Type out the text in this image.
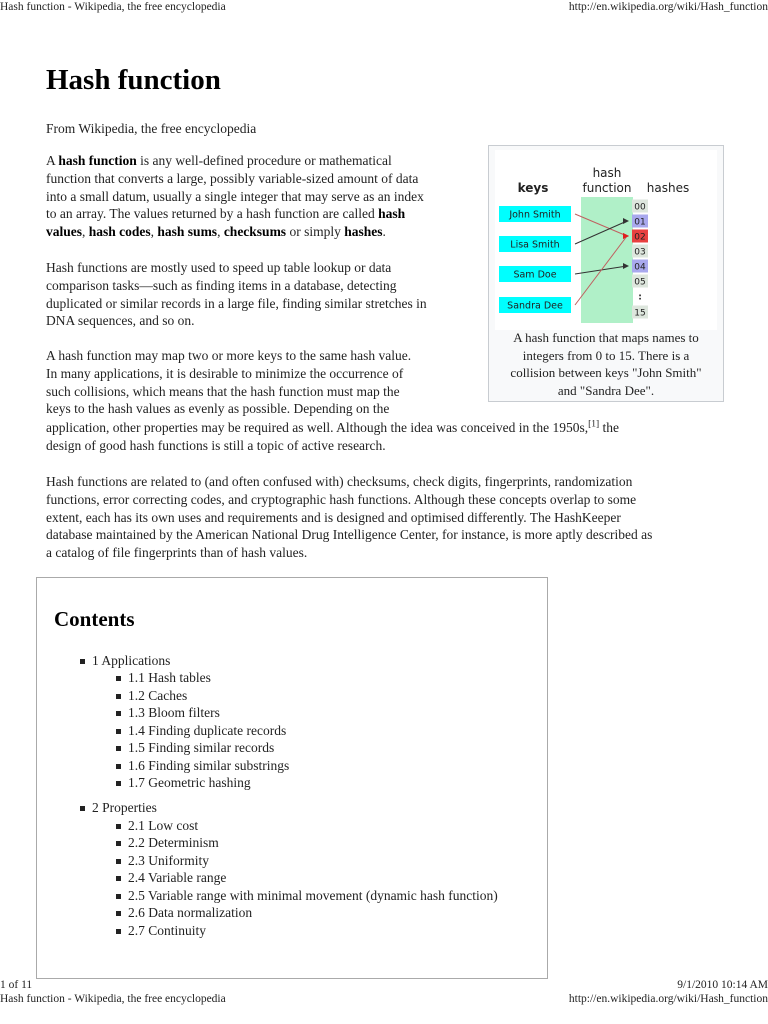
Hash function - Wikipedia, the free encyclopedia	http://en.wikipedia.org/wiki/Hash_function
Hash function
From Wikipedia, the free encyclopedia
A hash function is any well-defined procedure or mathematical
function that converts a large, possibly variable-sized amount of data
into a small datum, usually a single integer that may serve as an index
to an array. The values returned by a hash function are called hash
values, hash codes, hash sums, checksums or simply hashes.
Hash functions are mostly used to speed up table lookup or data
comparison tasks—such as finding items in a database, detecting
duplicated or similar records in a large file, finding similar stretches in
DNA sequences, and so on.
A hash function may map two or more keys to the same hash value.
In many applications, it is desirable to minimize the occurrence of
such collisions, which means that the hash function must map the
keys to the hash values as evenly as possible. Depending on the
application, other properties may be required as well. Although the idea was conceived in the 1950s,[1] the
design of good hash functions is still a topic of active research.
Hash functions are related to (and often confused with) checksums, check digits, fingerprints, randomization
functions, error correcting codes, and cryptographic hash functions. Although these concepts overlap to some
extent, each has its own uses and requirements and is designed and optimised differently. The HashKeeper
database maintained by the American National Drug Intelligence Center, for instance, is more aptly described as
a catalog of file fingerprints than of hash values.
keys
hash
function hashes
John Smith
Lisa Smith
Sam Doe
Sandra Dee
00
01
02
03
04
05
:
15
A hash function that maps names to
integers from 0 to 15. There is a
collision between keys "John Smith"
and "Sandra Dee".
Contents
1 Applications
1.1 Hash tables
1.2 Caches
1.3 Bloom filters
1.4 Finding duplicate records
1.5 Finding similar records
1.6 Finding similar substrings
1.7 Geometric hashing
2 Properties
2.1 Low cost
2.2 Determinism
2.3 Uniformity
2.4 Variable range
2.5 Variable range with minimal movement (dynamic hash function)
2.6 Data normalization
2.7 Continuity
1 of 11	9/1/2010 10:14 AM
Hash function - Wikipedia, the free encyclopedia	http://en.wikipedia.org/wiki/Hash_function
